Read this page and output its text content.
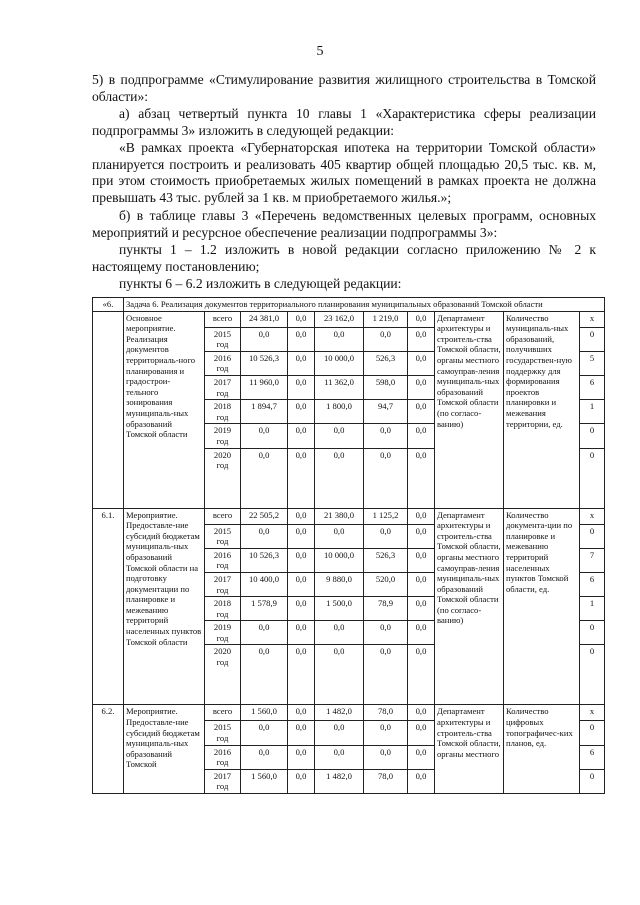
5

5) в подпрограмме «Стимулирование развития жилищного строительства в Томской области»:

а) абзац четвертый пункта 10 главы 1 «Характеристика сферы реализации подпрограммы 3» изложить в следующей редакции:

«В рамках проекта «Губернаторская ипотека на территории Томской области» планируется построить и реализовать 405 квартир общей площадью 20,5 тыс. кв. м, при этом стоимость приобретаемых жилых помещений в рамках проекта не должна превышать 43 тыс. рублей за 1 кв. м приобретаемого жилья.»;

б) в таблице главы 3 «Перечень ведомственных целевых программ, основных мероприятий и ресурсное обеспечение реализации подпрограммы 3»:

пункты 1 – 1.2 изложить в новой редакции согласно приложению № 2 к настоящему постановлению;

пункты 6 – 6.2 изложить в следующей редакции:

«6.	Задача 6. Реализация документов территориального планирования муниципальных образований Томской области									
	Основное мероприятие. Реализация документов территориаль-ного планирования и градострои-тельного зонирования муниципаль-ных образований Томской области	всего	24 381,0	0,0	23 162,0	1 219,0	0,0	Департамент архитектуры и строитель-ства Томской области, органы местного самоуправ-ления муниципаль-ных образований Томской области (по согласо-ванию)	Количество муниципаль-ных образований, получивших государствен-ную поддержку для формирования проектов планировки и межевания территории, ед.	х
		2015 год	0,0	0,0	0,0	0,0	0,0			0
		2016 год	10 526,3	0,0	10 000,0	526,3	0,0			5
		2017 год	11 960,0	0,0	11 362,0	598,0	0,0			6
		2018 год	1 894,7	0,0	1 800,0	94,7	0,0			1
		2019 год	0,0	0,0	0,0	0,0	0,0			0
		2020 год	0,0	0,0	0,0	0,0	0,0			0
6.1.	Мероприятие. Предоставле-ние субсидий бюджетам муниципаль-ных образований Томской области на подготовку документации по планировке и межеванию территорий населенных пунктов Томской области	всего	22 505,2	0,0	21 380,0	1 125,2	0,0	Департамент архитектуры и строитель-ства Томской области, органы местного самоуправ-ления муниципаль-ных образований Томской области (по согласо-ванию)	Количество документа-ции по планировке и межеванию территорий населенных пунктов Томской области, ед.	х
		2015 год	0,0	0,0	0,0	0,0	0,0			0
		2016 год	10 526,3	0,0	10 000,0	526,3	0,0			7
		2017 год	10 400,0	0,0	9 880,0	520,0	0,0			6
		2018 год	1 578,9	0,0	1 500,0	78,9	0,0			1
		2019 год	0,0	0,0	0,0	0,0	0,0			0
		2020 год	0,0	0,0	0,0	0,0	0,0			0
6.2.	Мероприятие. Предоставле-ние субсидий бюджетам муниципаль-ных образований Томской	всего	1 560,0	0,0	1 482,0	78,0	0,0	Департамент архитектуры и строитель-ства Томской области, органы местного	Количество цифровых топографичес-ких планов, ед.	х
		2015 год	0,0	0,0	0,0	0,0	0,0			0
		2016 год	0,0	0,0	0,0	0,0	0,0			6
		2017 год	1 560,0	0,0	1 482,0	78,0	0,0			0
